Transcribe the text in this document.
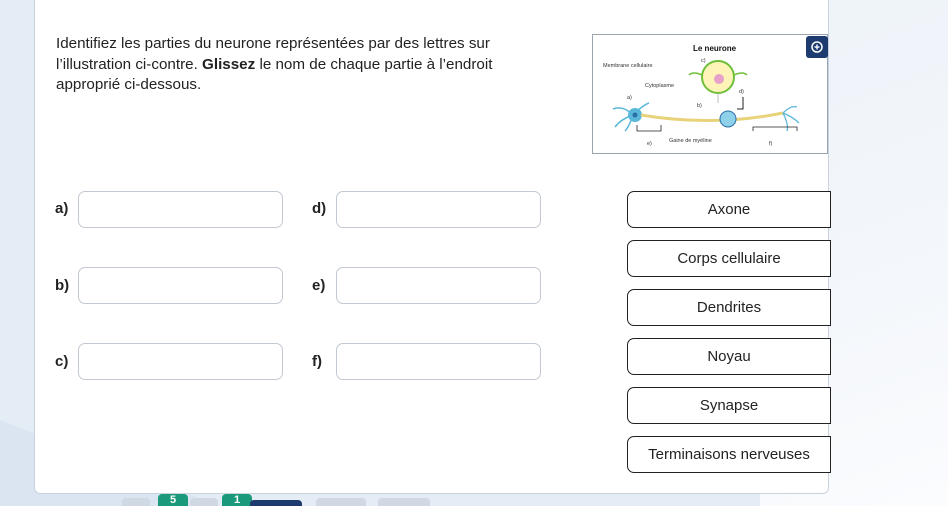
Identifiez les parties du neurone représentées par des lettres sur l’illustration ci-contre. Glissez le nom de chaque partie à l’endroit approprié ci-dessous.

Le neurone
Membrane cellulaire
c)
Cytoplasme
d)
a)
b)
e)	Gaine de myéline	f)
a)
b)
c)
d)
e)
f)
Axone
Corps cellulaire
Dendrites
Noyau
Synapse
Terminaisons nerveuses
5	1
